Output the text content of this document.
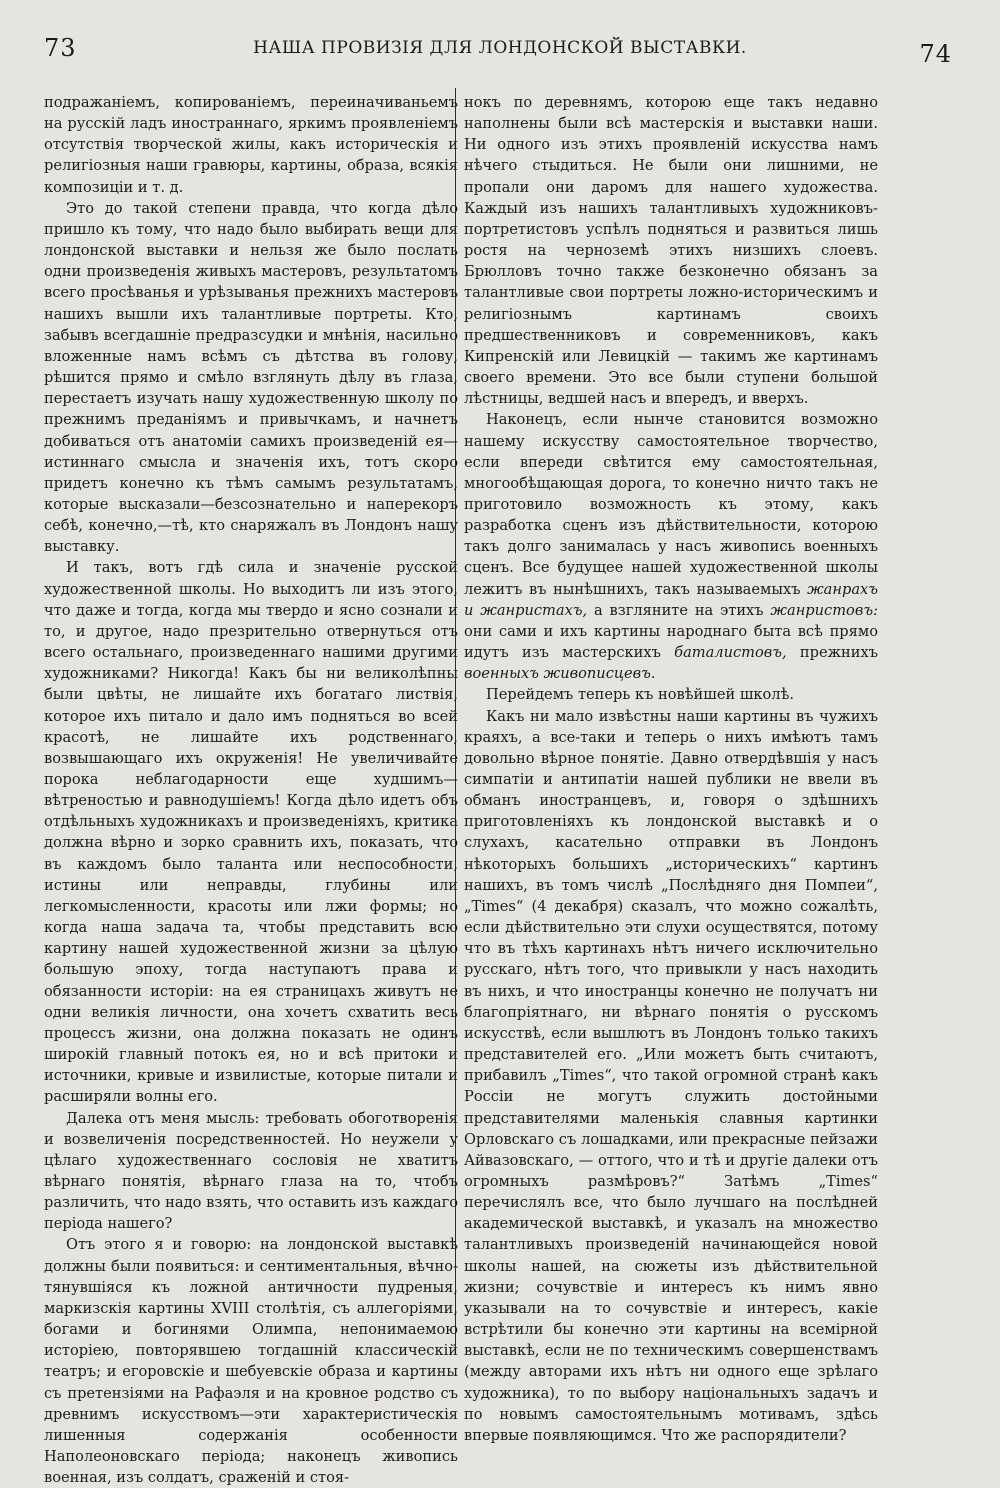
73	НАША ПРОВИЗІЯ ДЛЯ ЛОНДОНСКОЙ ВЫСТАВКИ.	74

подражаніемъ, копированіемъ, переиначиваньемъ на русскій ладъ иностраннаго, яркимъ проявленіемъ отсутствія творческой жилы, какъ историческія и религіозныя наши гравюры, картины, образа, всякія композиціи и т. д.

Это до такой степени правда, что когда дѣло пришло къ тому, что надо было выбирать вещи для лондонской выставки и нельзя же было послать одни произведенія живыхъ мастеровъ, результатомъ всего просѣванья и урѣзыванья прежнихъ мастеровъ нашихъ вышли ихъ талантливые портреты. Кто, забывъ всегдашніе предразсудки и мнѣнія, насильно вложенные намъ всѣмъ съ дѣтства въ голову, рѣшится прямо и смѣло взглянуть дѣлу въ глаза, перестаетъ изучать нашу художественную школу по прежнимъ преданіямъ и привычкамъ, и начнетъ добиваться отъ анатоміи самихъ произведеній ея—истиннаго смысла и значенія ихъ, тотъ скоро придетъ конечно къ тѣмъ самымъ результатамъ, которые высказали—безсознательно и наперекоръ себѣ, конечно,—тѣ, кто снаряжалъ въ Лондонъ нашу выставку.

И такъ, вотъ гдѣ сила и значеніе русской художественной школы. Но выходитъ ли изъ этого, что даже и тогда, когда мы твердо и ясно сознали и то, и другое, надо презрительно отвернуться отъ всего остальнаго, произведеннаго нашими другими художниками? Никогда! Какъ бы ни великолѣпны были цвѣты, не лишайте ихъ богатаго листвія, которое ихъ питало и дало имъ подняться во всей красотѣ, не лишайте ихъ родственнаго, возвышающаго ихъ окруженія! Не увеличивайте порока неблагодарности еще худшимъ—вѣтреностью и равнодушіемъ! Когда дѣло идетъ объ отдѣльныхъ художникахъ и произведеніяхъ, критика должна вѣрно и зорко сравнить ихъ, показать, что въ каждомъ было таланта или неспособности, истины или неправды, глубины или легкомысленности, красоты или лжи формы; но когда наша задача та, чтобы представить всю картину нашей художественной жизни за цѣлую большую эпоху, тогда наступаютъ права и обязанности исторіи: на ея страницахъ живутъ не одни великія личности, она хочетъ схватить весь процессъ жизни, она должна показать не одинъ широкій главный потокъ ея, но и всѣ притоки и источники, кривые и извилистые, которые питали и расширяли волны его.

Далека отъ меня мысль: требовать обоготворенія и возвеличенія посредственностей. Но неужели у цѣлаго художественнаго сословія не хватитъ вѣрнаго понятія, вѣрнаго глаза на то, чтобъ различить, что надо взять, что оставить изъ каждаго періода нашего?

Отъ этого я и говорю: на лондонской выставкѣ должны были появиться: и сентиментальныя, вѣчно-тянувшіяся къ ложной античности пудреныя, маркизскія картины XVIII столѣтія, съ аллегоріями, богами и богинями Олимпа, непонимаемою исторіею, повторявшею тогдашній классическій театръ; и егоровскіе и шебуевскіе образа и картины съ претензіями на Рафаэля и на кровное родство съ древнимъ искусствомъ—эти характеристическія лишенныя содержанія особенности Наполеоновскаго періода; наконецъ живопись военная, изъ солдатъ, сраженій и стоя-

нокъ по деревнямъ, которою еще такъ недавно наполнены были всѣ мастерскія и выставки наши. Ни одного изъ этихъ проявленій искусства намъ нѣчего стыдиться. Не были они лишними, не пропали они даромъ для нашего художества. Каждый изъ нашихъ талантливыхъ художниковъ-портретистовъ успѣлъ подняться и развиться лишь ростя на черноземѣ этихъ низшихъ слоевъ. Брюлловъ точно также безконечно обязанъ за талантливые свои портреты ложно-историческимъ и религіознымъ картинамъ своихъ предшественниковъ и современниковъ, какъ Кипренскій или Левицкій — такимъ же картинамъ своего времени. Это все были ступени большой лѣстницы, ведшей насъ и впередъ, и вверхъ.

Наконецъ, если нынче становится возможно нашему искусству самостоятельное творчество, если впереди свѣтится ему самостоятельная, многообѣщающая дорога, то конечно ничто такъ не приготовило возможность къ этому, какъ разработка сценъ изъ дѣйствительности, которою такъ долго занималась у насъ живопись военныхъ сценъ. Все будущее нашей художественной школы лежитъ въ нынѣшнихъ, такъ называемыхъ жанрахъ и жанристахъ, а взгляните на этихъ жанристовъ: они сами и ихъ картины народнаго быта всѣ прямо идутъ изъ мастерскихъ баталистовъ, прежнихъ военныхъ живописцевъ.

Перейдемъ теперь къ новѣйшей школѣ.

Какъ ни мало извѣстны наши картины въ чужихъ краяхъ, а все-таки и теперь о нихъ имѣютъ тамъ довольно вѣрное понятіе. Давно отвердѣвшія у насъ симпатіи и антипатіи нашей публики не ввели въ обманъ иностранцевъ, и, говоря о здѣшнихъ приготовленіяхъ къ лондонской выставкѣ и о слухахъ, касательно отправки въ Лондонъ нѣкоторыхъ большихъ „историческихъ“ картинъ нашихъ, въ томъ числѣ „Послѣдняго дня Помпеи“, „Times“ (4 декабря) сказалъ, что можно сожалѣть, если дѣйствительно эти слухи осуществятся, потому что въ тѣхъ картинахъ нѣтъ ничего исключительно русскаго, нѣтъ того, что привыкли у насъ находить въ нихъ, и что иностранцы конечно не получатъ ни благопріятнаго, ни вѣрнаго понятія о русскомъ искусствѣ, если вышлютъ въ Лондонъ только такихъ представителей его. „Или можетъ быть считаютъ, прибавилъ „Times“, что такой огромной странѣ какъ Россіи не могутъ служить достойными представителями маленькія славныя картинки Орловскаго съ лошадками, или прекрасные пейзажи Айвазовскаго, — оттого, что и тѣ и другіе далеки отъ огромныхъ размѣровъ?“ Затѣмъ „Times“ перечислялъ все, что было лучшаго на послѣдней академической выставкѣ, и указалъ на множество талантливыхъ произведеній начинающейся новой школы нашей, на сюжеты изъ дѣйствительной жизни; сочувствіе и интересъ къ нимъ явно указывали на то сочувствіе и интересъ, какіе встрѣтили бы конечно эти картины на всемірной выставкѣ, если не по техническимъ совершенствамъ (между авторами ихъ нѣтъ ни одного еще зрѣлаго художника), то по выбору національныхъ задачъ и по новымъ самостоятельнымъ мотивамъ, здѣсь впервые появляющимся. Что же распорядители?
